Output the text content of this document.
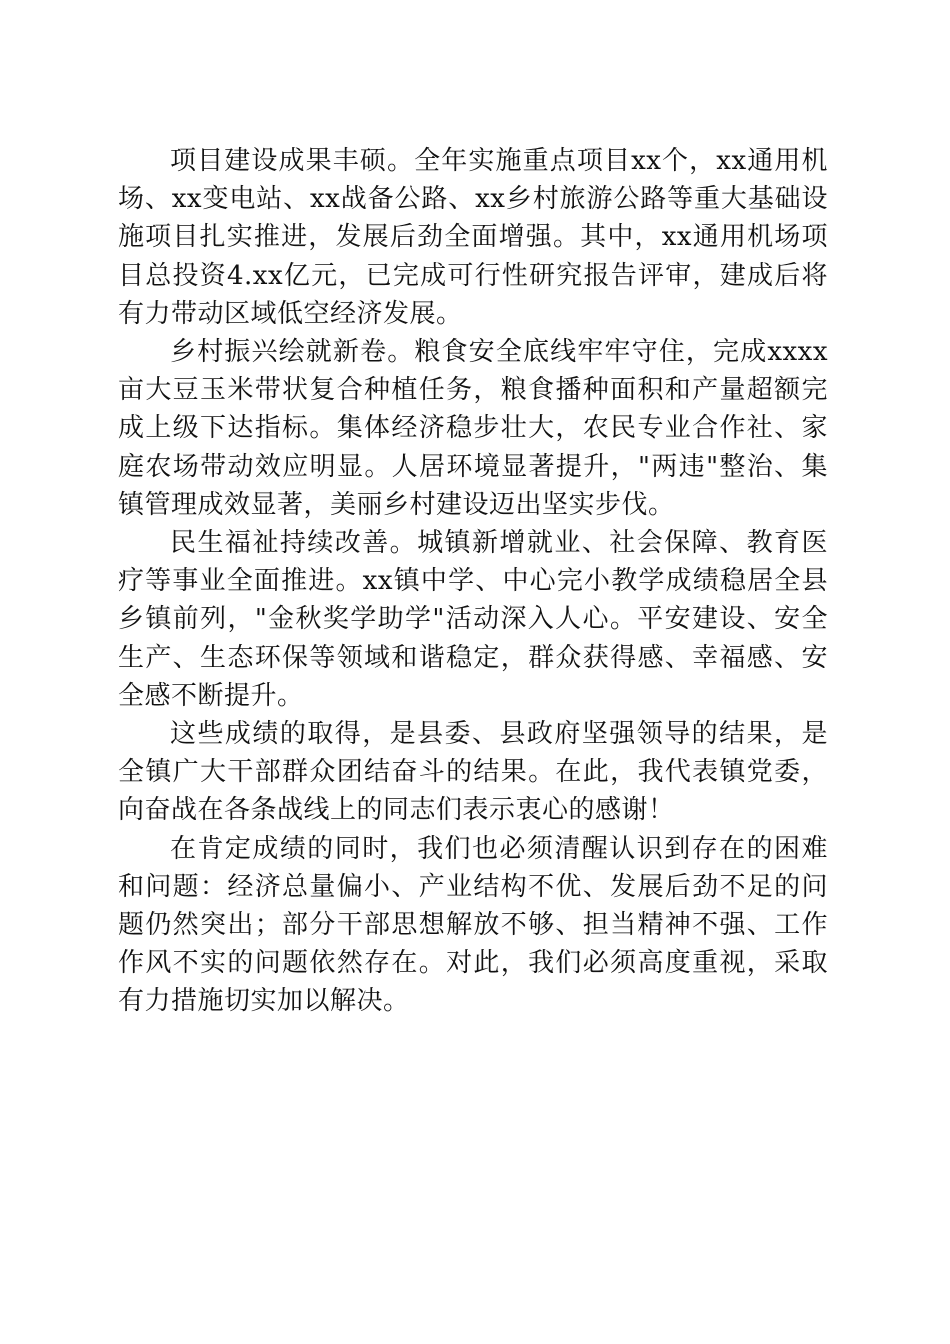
项目建设成果丰硕。全年实施重点项目xx个，xx通用机场、xx变电站、xx战备公路、xx乡村旅游公路等重大基础设施项目扎实推进，发展后劲全面增强。其中，xx通用机场项目总投资4.xx亿元，已完成可行性研究报告评审，建成后将有力带动区域低空经济发展。

乡村振兴绘就新卷。粮食安全底线牢牢守住，完成xxxx亩大豆玉米带状复合种植任务，粮食播种面积和产量超额完成上级下达指标。集体经济稳步壮大，农民专业合作社、家庭农场带动效应明显。人居环境显著提升，"两违"整治、集镇管理成效显著，美丽乡村建设迈出坚实步伐。

民生福祉持续改善。城镇新增就业、社会保障、教育医疗等事业全面推进。xx镇中学、中心完小教学成绩稳居全县乡镇前列，"金秋奖学助学"活动深入人心。平安建设、安全生产、生态环保等领域和谐稳定，群众获得感、幸福感、安全感不断提升。

这些成绩的取得，是县委、县政府坚强领导的结果，是全镇广大干部群众团结奋斗的结果。在此，我代表镇党委，向奋战在各条战线上的同志们表示衷心的感谢！

在肯定成绩的同时，我们也必须清醒认识到存在的困难和问题：经济总量偏小、产业结构不优、发展后劲不足的问题仍然突出；部分干部思想解放不够、担当精神不强、工作作风不实的问题依然存在。对此，我们必须高度重视，采取有力措施切实加以解决。
